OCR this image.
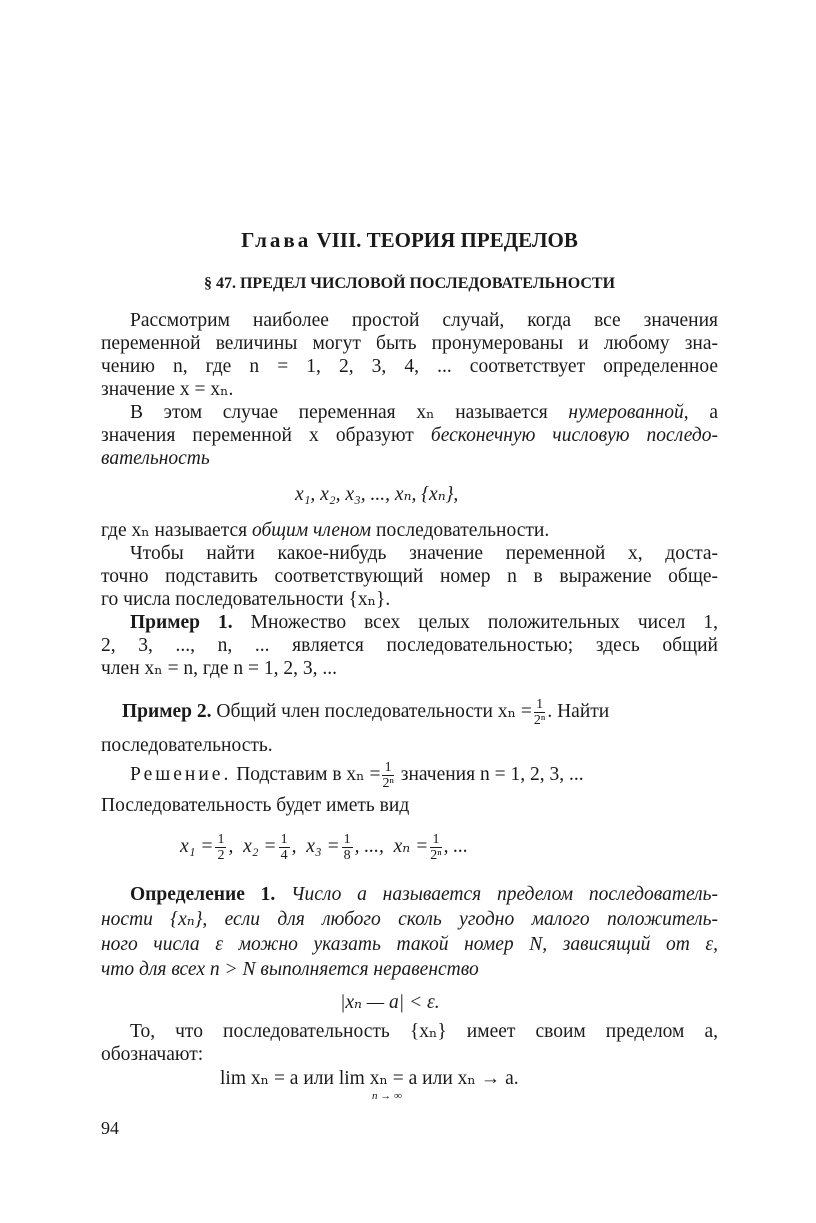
Глава VIII. ТЕОРИЯ ПРЕДЕЛОВ
§ 47. ПРЕДЕЛ ЧИСЛОВОЙ ПОСЛЕДОВАТЕЛЬНОСТИ
Рассмотрим наиболее простой случай, когда все значения
переменной величины могут быть пронумерованы и любому зна-
чению n, где n = 1, 2, 3, 4, ... соответствует определенное
значение x = xₙ.
В этом случае переменная xₙ называется нумерованной, а
значения переменной x образуют бесконечную числовую последо-
вательность
x₁, x₂, x₃, ..., xₙ, {xₙ},
где xₙ называется общим членом последовательности.
Чтобы найти какое-нибудь значение переменной x, доста-
точно подставить соответствующий номер n в выражение обще-
го числа последовательности {xₙ}.
Пример 1. Множество всех целых положительных чисел 1,
2, 3, ..., n, ... является последовательностью; здесь общий
член xₙ = n, где n = 1, 2, 3, ...
Пример 2. Общий член последовательности $x_n = \frac{1}{\text{2ⁿ}}$ . Найти
последовательность.
Решение. Подставим в $x_n = \frac{1}{\text{2ⁿ}}$ значения n = 1, 2, 3, ...
Последовательность будет иметь вид
$x_1 = \frac{1}{2}$ , $x_2 = \frac{1}{4}$ , $x_3 = \frac{1}{8}$ , ..., $x_n = \frac{1}{\text{2ⁿ}}$ , ...
Определение 1. Число a называется пределом последователь-
ности {xₙ}, если для любого сколь угодно малого положитель-
ного числа ε можно указать такой номер N, зависящий от ε,
что для всех n > N выполняется неравенство
|xₙ — a| < ε.
То, что последовательность {xₙ} имеет своим пределом a,
обозначают:
lim xₙ = a или lim xₙ = a или xₙ → a.
n → ∞
94
